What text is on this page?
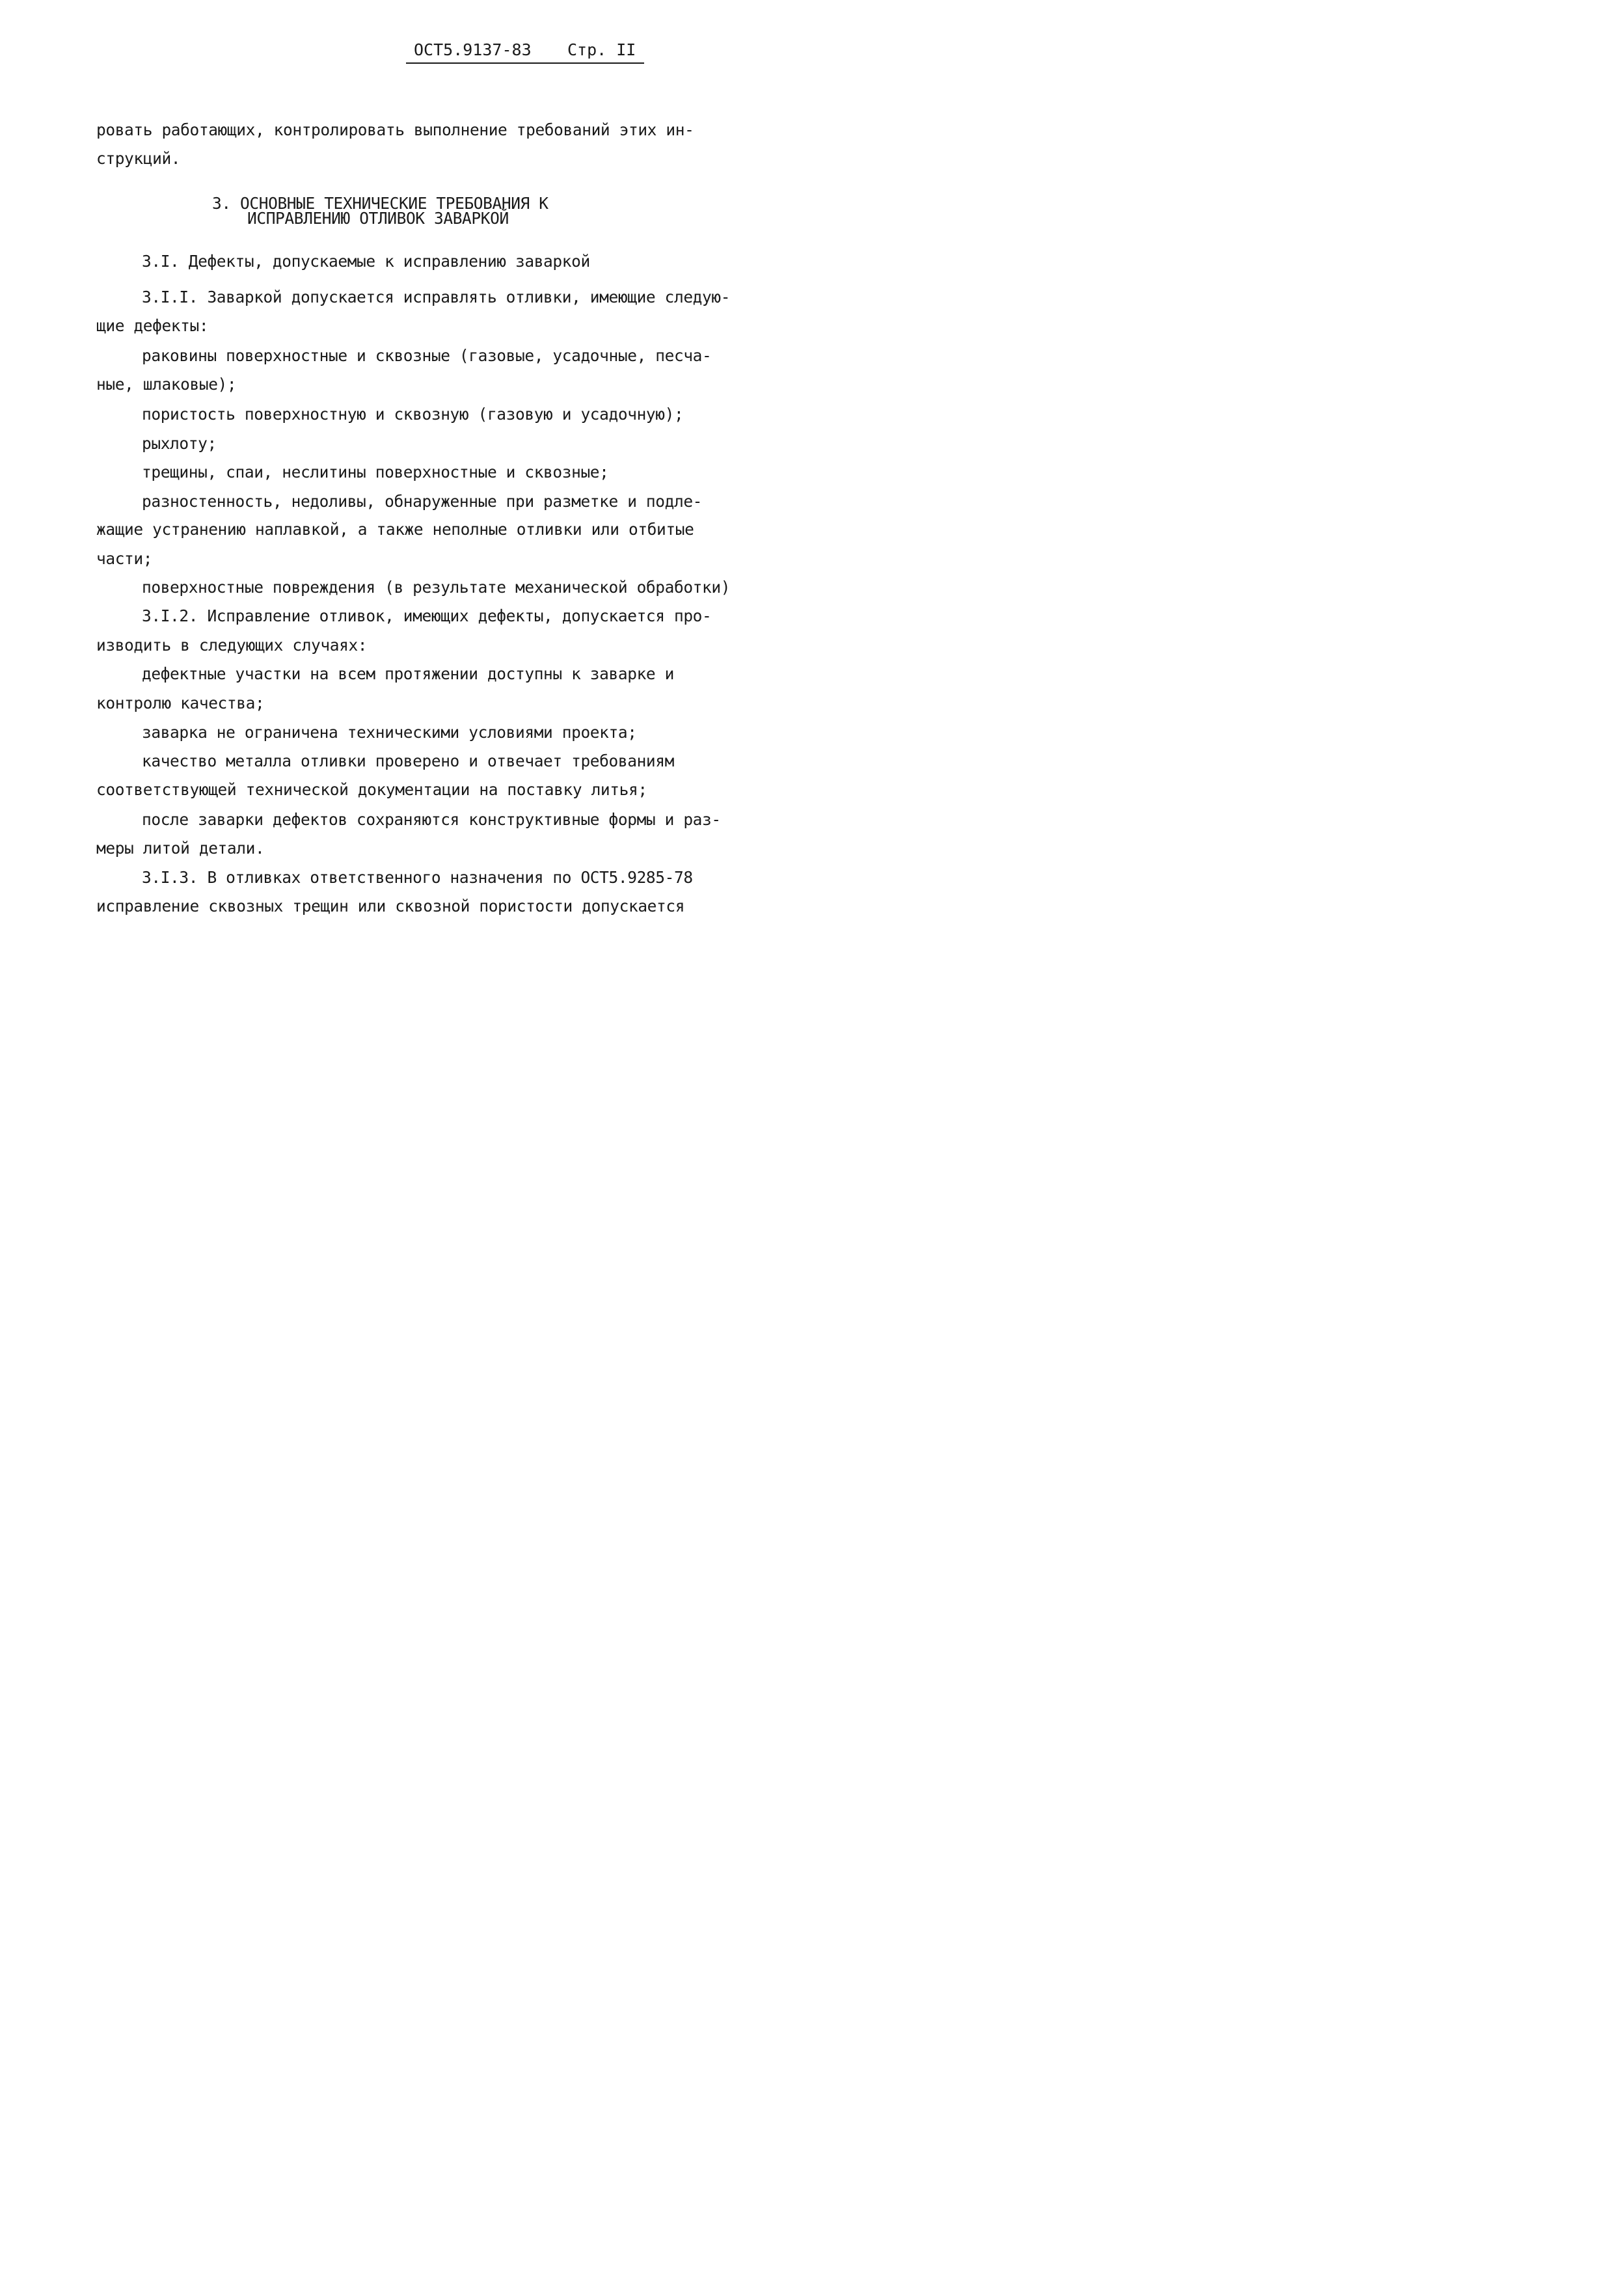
ОСТ5.9137-83 Стр. II
ровать работающих, контролировать выполнение требований этих ин-
струкций.
3. ОСНОВНЫЕ ТЕХНИЧЕСКИЕ ТРЕБОВАНИЯ К
ИСПРАВЛЕНИЮ ОТЛИВОК ЗАВАРКОЙ
3.I. Дефекты, допускаемые к исправлению заваркой
3.I.I. Заваркой допускается исправлять отливки, имеющие следую-
щие дефекты:
раковины поверхностные и сквозные (газовые, усадочные, песча-
ные, шлаковые);
пористость поверхностную и сквозную (газовую и усадочную);
рыхлоту;
трещины, спаи, неслитины поверхностные и сквозные;
разностенность, недоливы, обнаруженные при разметке и подле-
жащие устранению наплавкой, а также неполные отливки или отбитые
части;
поверхностные повреждения (в результате механической обработки)
3.I.2. Исправление отливок, имеющих дефекты, допускается про-
изводить в следующих случаях:
дефектные участки на всем протяжении доступны к заварке и
контролю качества;
заварка не ограничена техническими условиями проекта;
качество металла отливки проверено и отвечает требованиям
соответствующей технической документации на поставку литья;
после заварки дефектов сохраняются конструктивные формы и раз-
меры литой детали.
3.I.3. В отливках ответственного назначения по ОСТ5.9285-78
исправление сквозных трещин или сквозной пористости допускается
